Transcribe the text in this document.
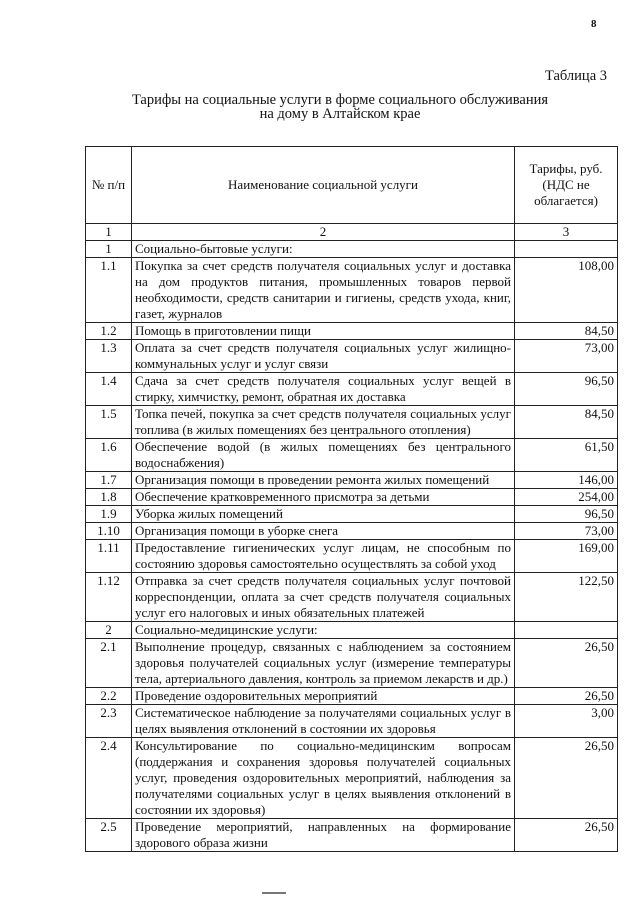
8
Таблица 3
Тарифы на социальные услуги в форме социального обслуживания
на дому в Алтайском крае
№ п/п	Наименование социальной услуги	Тарифы, руб. (НДС не облагается)
1	2	3
1	Социально-бытовые услуги:	
1.1	Покупка за счет средств получателя социальных услуг и доставка на дом продуктов питания, промышленных товаров первой необходимости, средств санитарии и гигиены, средств ухода, книг, газет, журналов	108,00
1.2	Помощь в приготовлении пищи	84,50
1.3	Оплата за счет средств получателя социальных услуг жилищно-коммунальных услуг и услуг связи	73,00
1.4	Сдача за счет средств получателя социальных услуг вещей в стирку, химчистку, ремонт, обратная их доставка	96,50
1.5	Топка печей, покупка за счет средств получателя социальных услуг топлива (в жилых помещениях без центрального отопления)	84,50
1.6	Обеспечение водой (в жилых помещениях без центрального водоснабжения)	61,50
1.7	Организация помощи в проведении ремонта жилых помещений	146,00
1.8	Обеспечение кратковременного присмотра за детьми	254,00
1.9	Уборка жилых помещений	96,50
1.10	Организация помощи в уборке снега	73,00
1.11	Предоставление гигиенических услуг лицам, не способным по состоянию здоровья самостоятельно осуществлять за собой уход	169,00
1.12	Отправка за счет средств получателя социальных услуг почтовой корреспонденции, оплата за счет средств получателя социальных услуг его налоговых и иных обязательных платежей	122,50
2	Социально-медицинские услуги:	
2.1	Выполнение процедур, связанных с наблюдением за состоянием здоровья получателей социальных услуг (измерение температуры тела, артериального давления, контроль за приемом лекарств и др.)	26,50
2.2	Проведение оздоровительных мероприятий	26,50
2.3	Систематическое наблюдение за получателями социальных услуг в целях выявления отклонений в состоянии их здоровья	3,00
2.4	Консультирование по социально-медицинским вопросам (поддержания и сохранения здоровья получателей социальных услуг, проведения оздоровительных мероприятий, наблюдения за получателями социальных услуг в целях выявления отклонений в состоянии их здоровья)	26,50
2.5	Проведение мероприятий, направленных на формирование здорового образа жизни	26,50
